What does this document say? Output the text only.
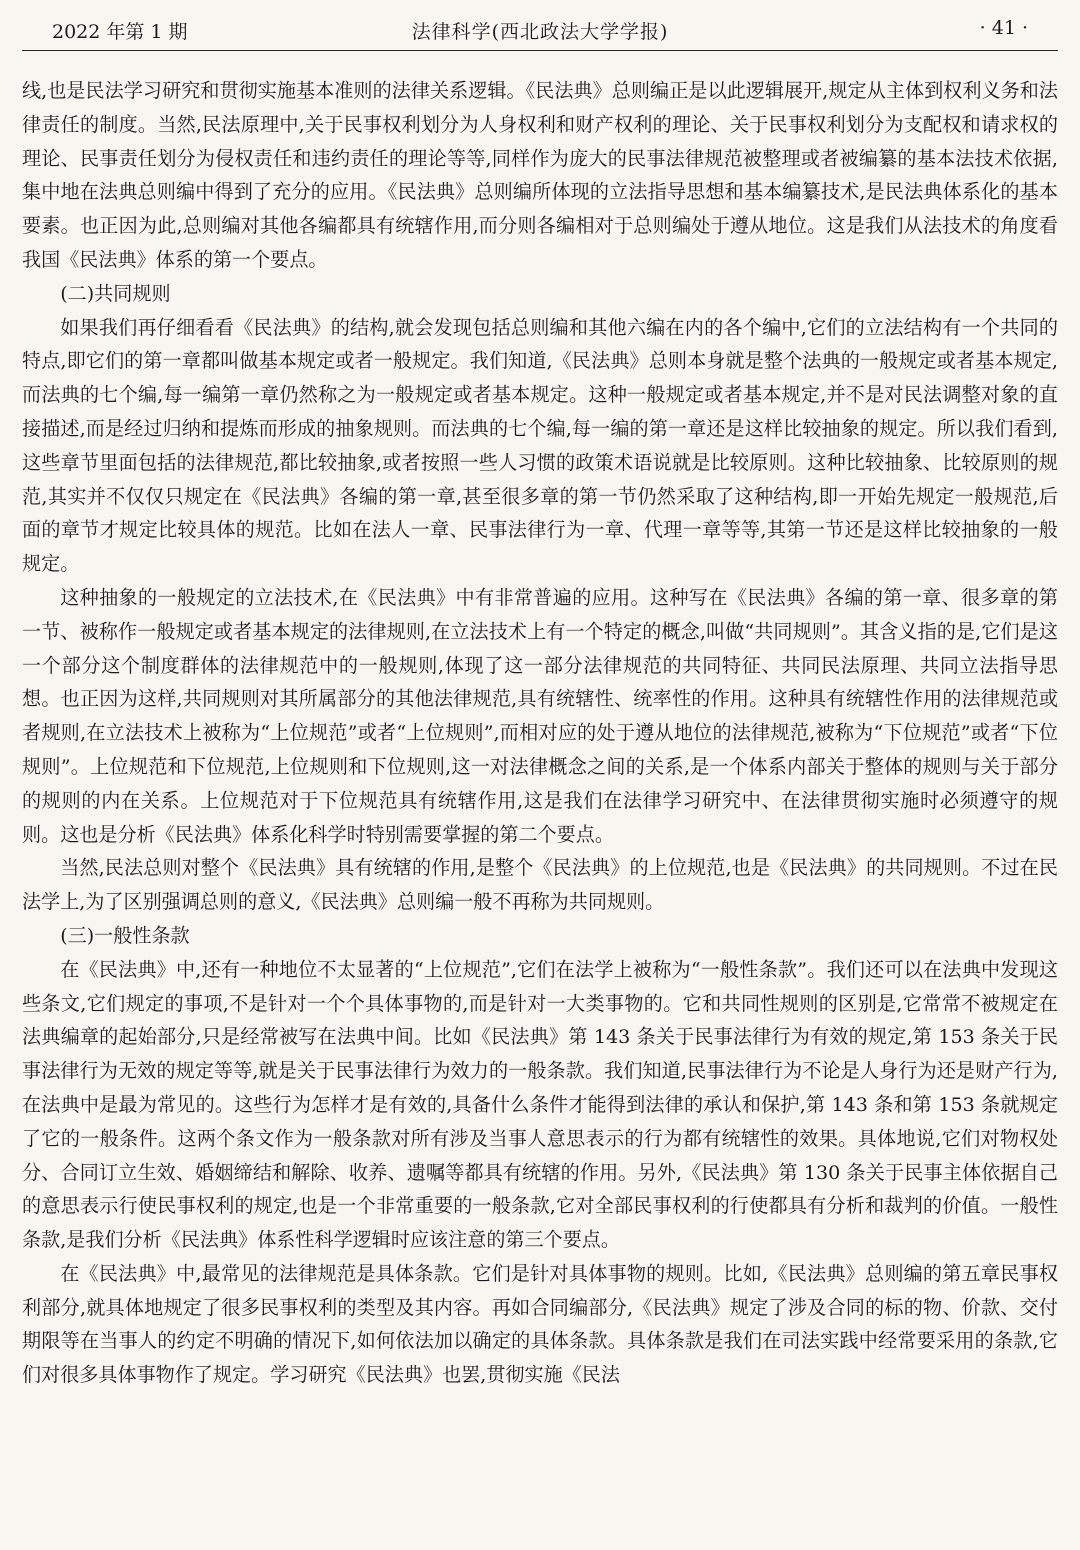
2022 年第 1 期	法律科学(西北政法大学学报)	· 41 ·

线,也是民法学习研究和贯彻实施基本准则的法律关系逻辑。《民法典》总则编正是以此逻辑展开,规定从主体到权利义务和法律责任的制度。当然,民法原理中,关于民事权利划分为人身权利和财产权利的理论、关于民事权利划分为支配权和请求权的理论、民事责任划分为侵权责任和违约责任的理论等等,同样作为庞大的民事法律规范被整理或者被编纂的基本法技术依据,集中地在法典总则编中得到了充分的应用。《民法典》总则编所体现的立法指导思想和基本编纂技术,是民法典体系化的基本要素。也正因为此,总则编对其他各编都具有统辖作用,而分则各编相对于总则编处于遵从地位。这是我们从法技术的角度看我国《民法典》体系的第一个要点。

(二)共同规则

如果我们再仔细看看《民法典》的结构,就会发现包括总则编和其他六编在内的各个编中,它们的立法结构有一个共同的特点,即它们的第一章都叫做基本规定或者一般规定。我们知道,《民法典》总则本身就是整个法典的一般规定或者基本规定,而法典的七个编,每一编第一章仍然称之为一般规定或者基本规定。这种一般规定或者基本规定,并不是对民法调整对象的直接描述,而是经过归纳和提炼而形成的抽象规则。而法典的七个编,每一编的第一章还是这样比较抽象的规定。所以我们看到,这些章节里面包括的法律规范,都比较抽象,或者按照一些人习惯的政策术语说就是比较原则。这种比较抽象、比较原则的规范,其实并不仅仅只规定在《民法典》各编的第一章,甚至很多章的第一节仍然采取了这种结构,即一开始先规定一般规范,后面的章节才规定比较具体的规范。比如在法人一章、民事法律行为一章、代理一章等等,其第一节还是这样比较抽象的一般规定。

这种抽象的一般规定的立法技术,在《民法典》中有非常普遍的应用。这种写在《民法典》各编的第一章、很多章的第一节、被称作一般规定或者基本规定的法律规则,在立法技术上有一个特定的概念,叫做“共同规则”。其含义指的是,它们是这一个部分这个制度群体的法律规范中的一般规则,体现了这一部分法律规范的共同特征、共同民法原理、共同立法指导思想。也正因为这样,共同规则对其所属部分的其他法律规范,具有统辖性、统率性的作用。这种具有统辖性作用的法律规范或者规则,在立法技术上被称为“上位规范”或者“上位规则”,而相对应的处于遵从地位的法律规范,被称为“下位规范”或者“下位规则”。上位规范和下位规范,上位规则和下位规则,这一对法律概念之间的关系,是一个体系内部关于整体的规则与关于部分的规则的内在关系。上位规范对于下位规范具有统辖作用,这是我们在法律学习研究中、在法律贯彻实施时必须遵守的规则。这也是分析《民法典》体系化科学时特别需要掌握的第二个要点。

当然,民法总则对整个《民法典》具有统辖的作用,是整个《民法典》的上位规范,也是《民法典》的共同规则。不过在民法学上,为了区别强调总则的意义,《民法典》总则编一般不再称为共同规则。

(三)一般性条款

在《民法典》中,还有一种地位不太显著的“上位规范”,它们在法学上被称为“一般性条款”。我们还可以在法典中发现这些条文,它们规定的事项,不是针对一个个具体事物的,而是针对一大类事物的。它和共同性规则的区别是,它常常不被规定在法典编章的起始部分,只是经常被写在法典中间。比如《民法典》第 143 条关于民事法律行为有效的规定,第 153 条关于民事法律行为无效的规定等等,就是关于民事法律行为效力的一般条款。我们知道,民事法律行为不论是人身行为还是财产行为,在法典中是最为常见的。这些行为怎样才是有效的,具备什么条件才能得到法律的承认和保护,第 143 条和第 153 条就规定了它的一般条件。这两个条文作为一般条款对所有涉及当事人意思表示的行为都有统辖性的效果。具体地说,它们对物权处分、合同订立生效、婚姻缔结和解除、收养、遗嘱等都具有统辖的作用。另外,《民法典》第 130 条关于民事主体依据自己的意思表示行使民事权利的规定,也是一个非常重要的一般条款,它对全部民事权利的行使都具有分析和裁判的价值。一般性条款,是我们分析《民法典》体系性科学逻辑时应该注意的第三个要点。

在《民法典》中,最常见的法律规范是具体条款。它们是针对具体事物的规则。比如,《民法典》总则编的第五章民事权利部分,就具体地规定了很多民事权利的类型及其内容。再如合同编部分,《民法典》规定了涉及合同的标的物、价款、交付期限等在当事人的约定不明确的情况下,如何依法加以确定的具体条款。具体条款是我们在司法实践中经常要采用的条款,它们对很多具体事物作了规定。学习研究《民法典》也罢,贯彻实施《民法
